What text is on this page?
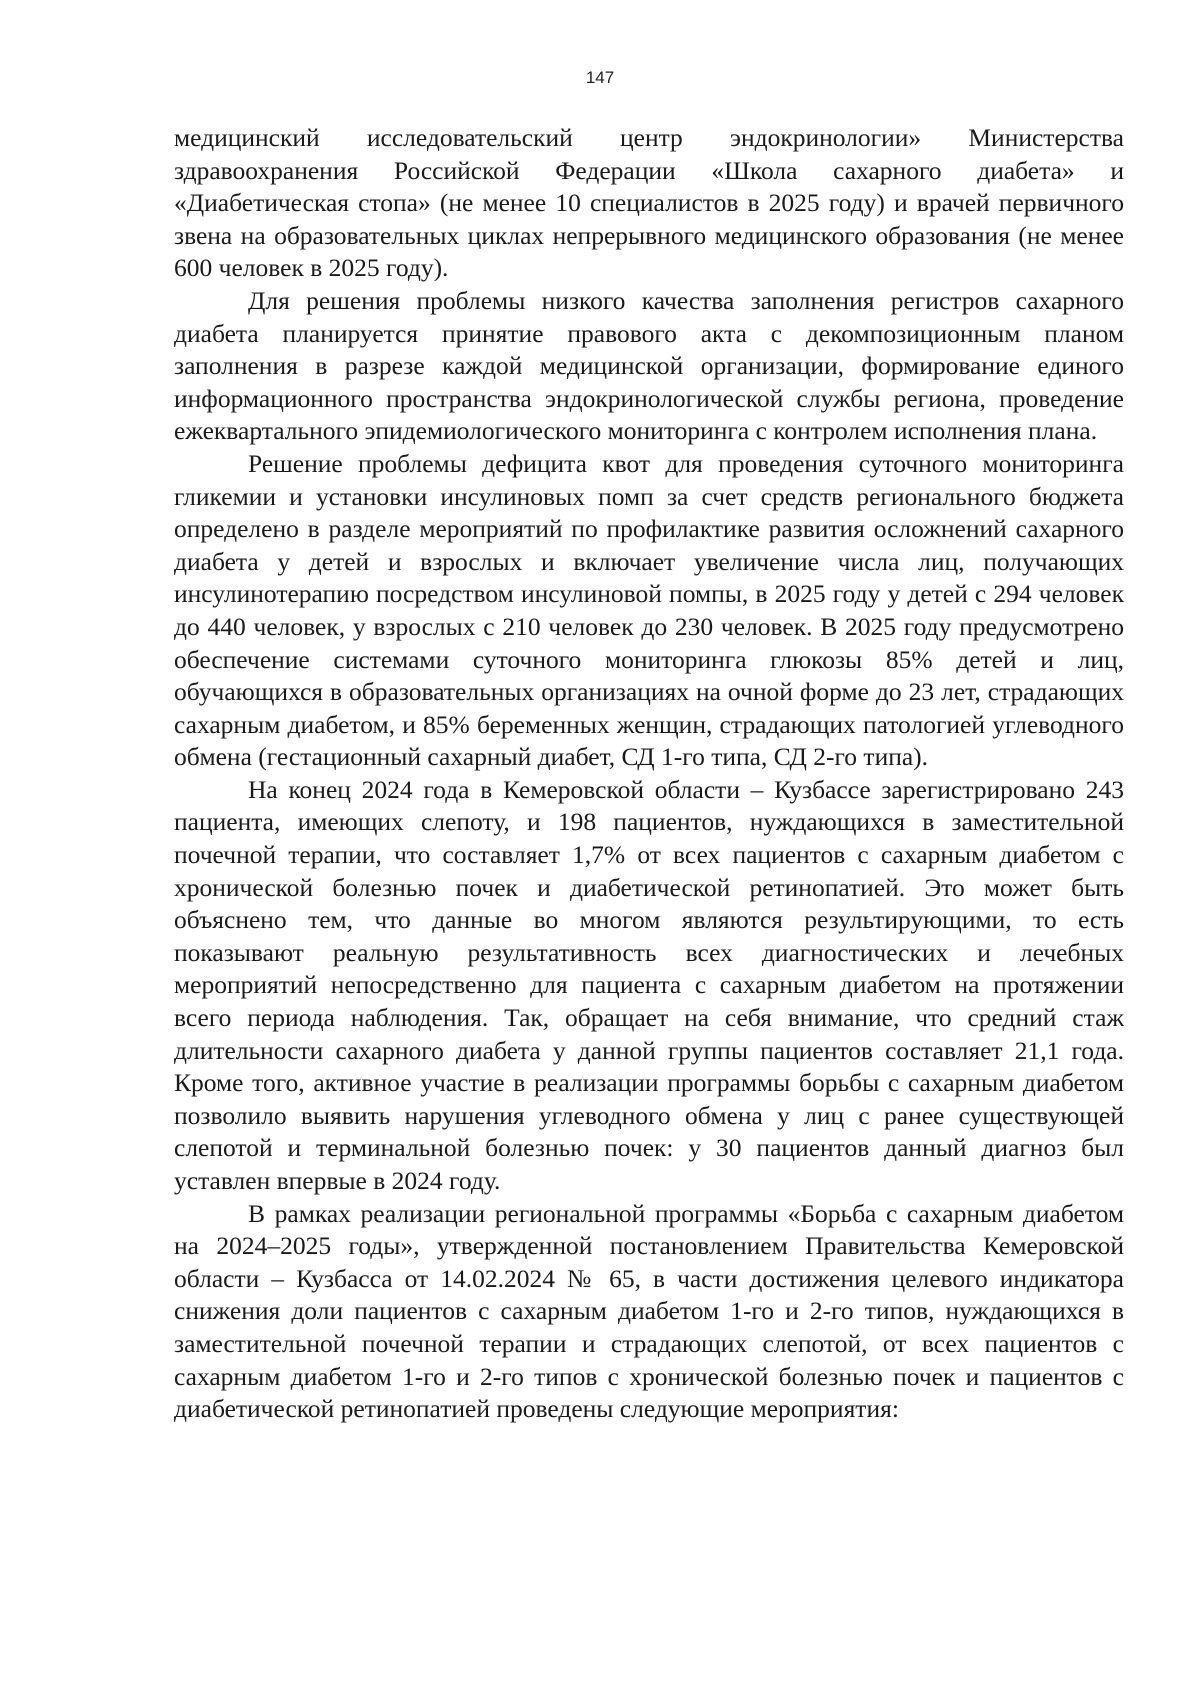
147

медицинский исследовательский центр эндокринологии» Министерства здравоохранения Российской Федерации «Школа сахарного диабета» и «Диабетическая стопа» (не менее 10 специалистов в 2025 году) и врачей первичного звена на образовательных циклах непрерывного медицинского образования (не менее 600 человек в 2025 году).

Для решения проблемы низкого качества заполнения регистров сахарного диабета планируется принятие правового акта с декомпозиционным планом заполнения в разрезе каждой медицинской организации, формирование единого информационного пространства эндокринологической службы региона, проведение ежеквартального эпидемиологического мониторинга с контролем исполнения плана.

Решение проблемы дефицита квот для проведения суточного мониторинга гликемии и установки инсулиновых помп за счет средств регионального бюджета определено в разделе мероприятий по профилактике развития осложнений сахарного диабета у детей и взрослых и включает увеличение числа лиц, получающих инсулинотерапию посредством инсулиновой помпы, в 2025 году у детей с 294 человек до 440 человек, у взрослых с 210 человек до 230 человек. В 2025 году предусмотрено обеспечение системами суточного мониторинга глюкозы 85% детей и лиц, обучающихся в образовательных организациях на очной форме до 23 лет, страдающих сахарным диабетом, и 85% беременных женщин, страдающих патологией углеводного обмена (гестационный сахарный диабет, СД 1-го типа, СД 2-го типа).

На конец 2024 года в Кемеровской области – Кузбассе зарегистрировано 243 пациента, имеющих слепоту, и 198 пациентов, нуждающихся в заместительной почечной терапии, что составляет 1,7% от всех пациентов с сахарным диабетом с хронической болезнью почек и диабетической ретинопатией. Это может быть объяснено тем, что данные во многом являются результирующими, то есть показывают реальную результативность всех диагностических и лечебных мероприятий непосредственно для пациента с сахарным диабетом на протяжении всего периода наблюдения. Так, обращает на себя внимание, что средний стаж длительности сахарного диабета у данной группы пациентов составляет 21,1 года. Кроме того, активное участие в реализации программы борьбы с сахарным диабетом позволило выявить нарушения углеводного обмена у лиц с ранее существующей слепотой и терминальной болезнью почек: у 30 пациентов данный диагноз был уставлен впервые в 2024 году.

В рамках реализации региональной программы «Борьба с сахарным диабетом на 2024–2025 годы», утвержденной постановлением Правительства Кемеровской области – Кузбасса от 14.02.2024 № 65, в части достижения целевого индикатора снижения доли пациентов с сахарным диабетом 1-го и 2-го типов, нуждающихся в заместительной почечной терапии и страдающих слепотой, от всех пациентов с сахарным диабетом 1-го и 2-го типов с хронической болезнью почек и пациентов с диабетической ретинопатией проведены следующие мероприятия:
